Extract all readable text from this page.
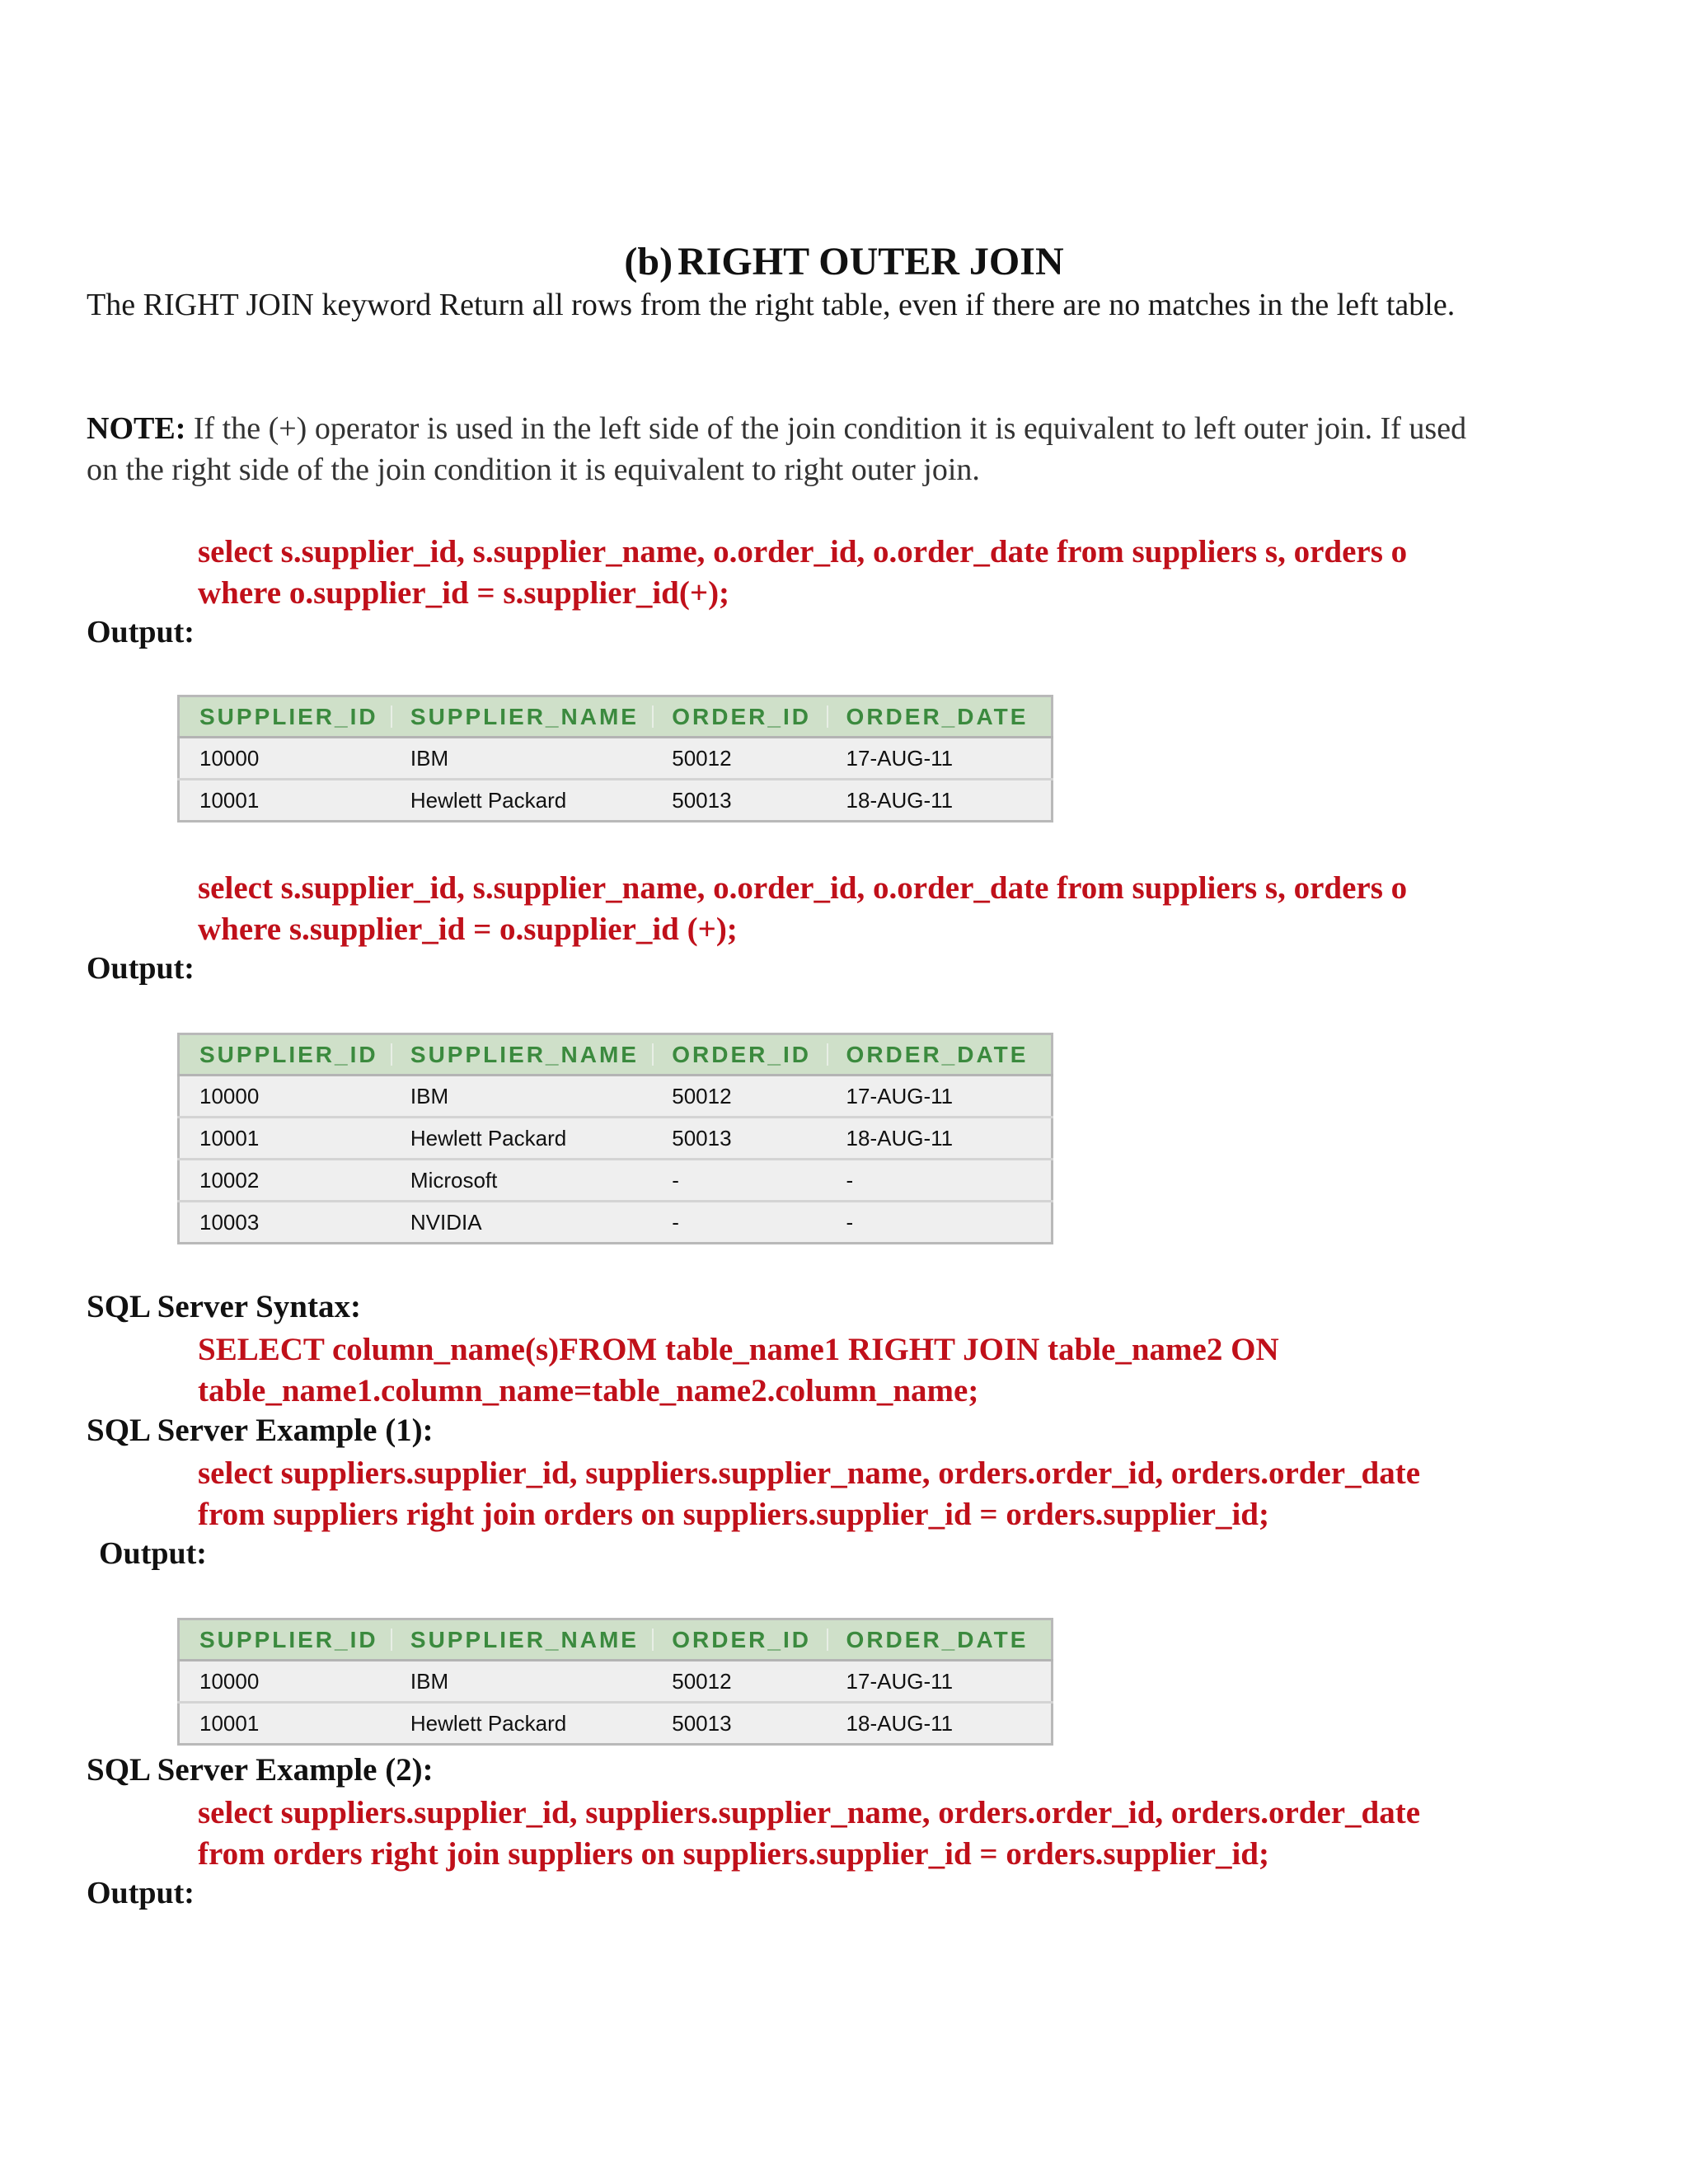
(b) RIGHT OUTER JOIN
The RIGHT JOIN keyword Return all rows from the right table, even if there are no matches in the left table.
NOTE: If the (+) operator is used in the left side of the join condition it is equivalent to left outer join. If used on the right side of the join condition it is equivalent to right outer join.
select s.supplier_id, s.supplier_name, o.order_id, o.order_date from suppliers s, orders o
where o.supplier_id = s.supplier_id(+);
Output:
SUPPLIER_ID	SUPPLIER_NAME	ORDER_ID	ORDER_DATE
10000	IBM	50012	17-AUG-11
10001	Hewlett Packard	50013	18-AUG-11
select s.supplier_id, s.supplier_name, o.order_id, o.order_date from suppliers s, orders o
where s.supplier_id = o.supplier_id (+);
Output:
SUPPLIER_ID	SUPPLIER_NAME	ORDER_ID	ORDER_DATE
10000	IBM	50012	17-AUG-11
10001	Hewlett Packard	50013	18-AUG-11
10002	Microsoft	-	-
10003	NVIDIA	-	-
SQL Server Syntax:
SELECT column_name(s)FROM table_name1 RIGHT JOIN table_name2 ON
table_name1.column_name=table_name2.column_name;
SQL Server Example (1):
select suppliers.supplier_id, suppliers.supplier_name, orders.order_id, orders.order_date
from suppliers right join orders on suppliers.supplier_id = orders.supplier_id;
Output:
SUPPLIER_ID	SUPPLIER_NAME	ORDER_ID	ORDER_DATE
10000	IBM	50012	17-AUG-11
10001	Hewlett Packard	50013	18-AUG-11
SQL Server Example (2):
select suppliers.supplier_id, suppliers.supplier_name, orders.order_id, orders.order_date
from orders right join suppliers on suppliers.supplier_id = orders.supplier_id;
Output:
